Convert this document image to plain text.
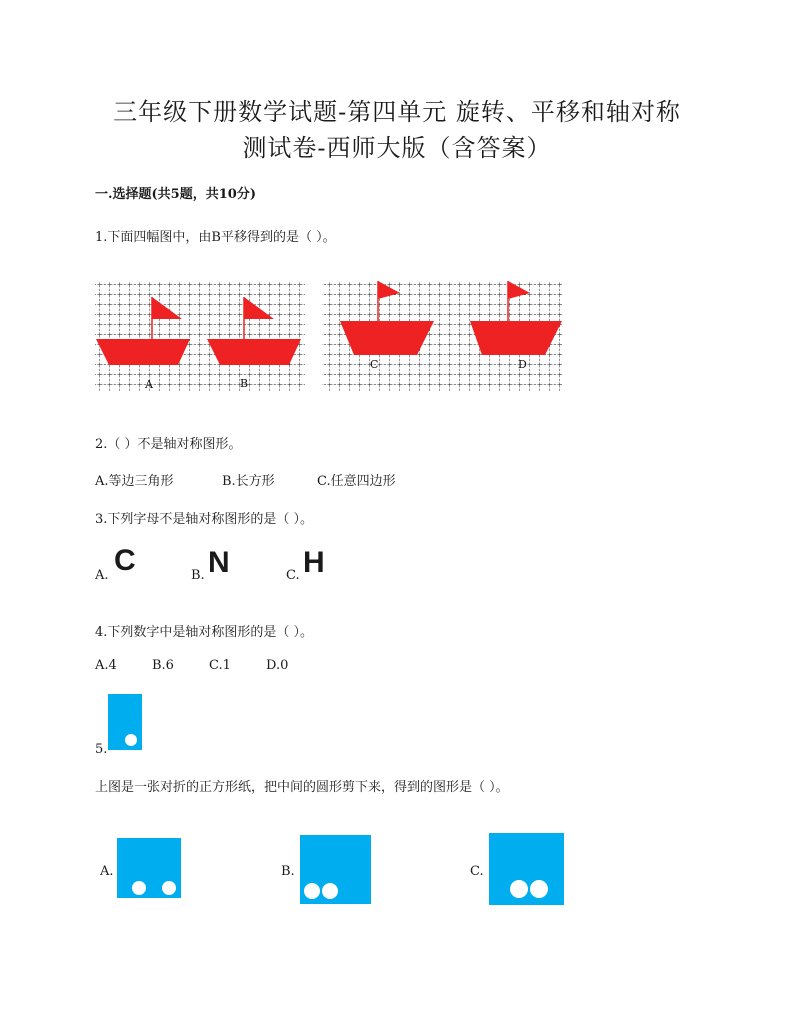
三年级下册数学试题-第四单元 旋转、平移和轴对称
测试卷-西师大版（含答案）
一.选择题(共5题，共10分)
1.下面四幅图中，由B平移得到的是（ ）。
A	B
C	D
2.（ ）不是轴对称图形。
A.等边三角形	B.长方形	C.任意四边形
3.下列字母不是轴对称图形的是（ ）。
A. C	B. N	C. H
4.下列数字中是轴对称图形的是（ ）。
A.4	B.6	C.1	D.0
5.
上图是一张对折的正方形纸，把中间的圆形剪下来，得到的图形是（ ）。
A.	B.	C.
